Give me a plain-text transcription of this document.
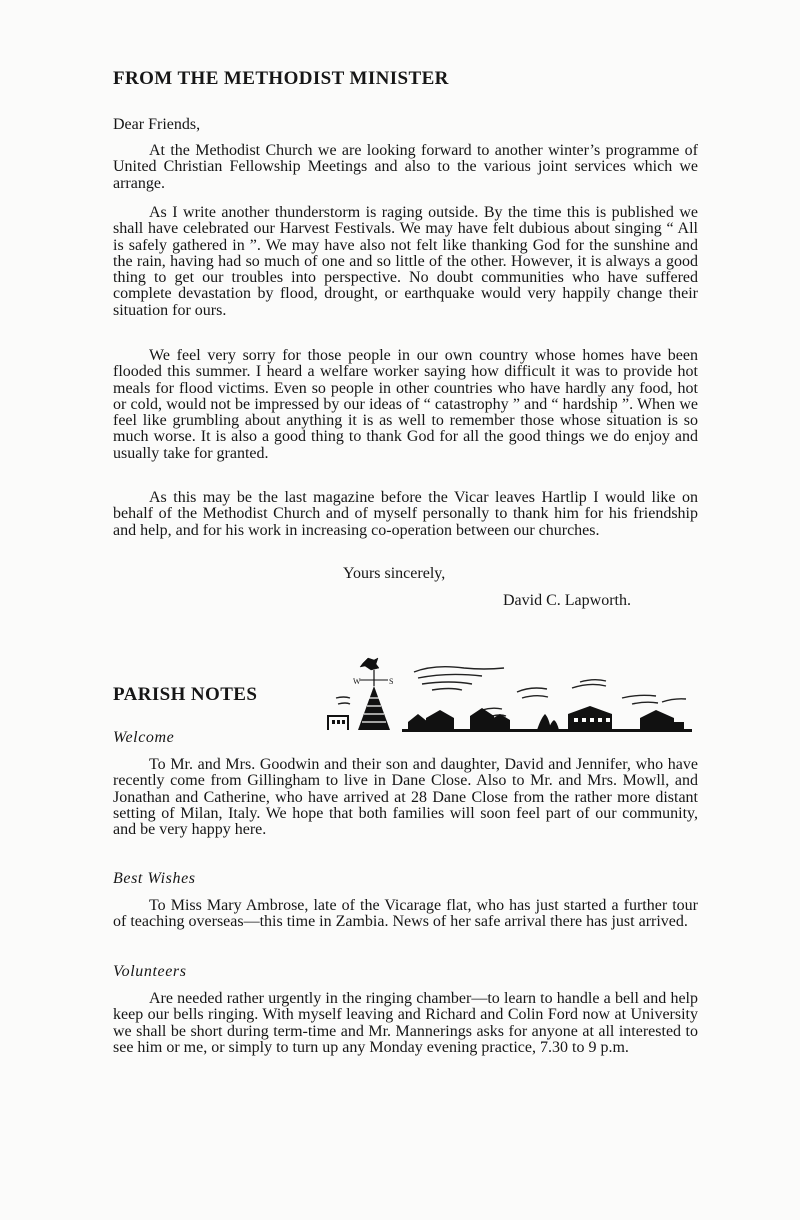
FROM THE METHODIST MINISTER

Dear Friends,

At the Methodist Church we are looking forward to another winter’s programme of United Christian Fellowship Meetings and also to the various joint services which we arrange.

As I write another thunderstorm is raging outside. By the time this is published we shall have celebrated our Harvest Festivals. We may have felt dubious about singing “ All is safely gathered in ”. We may have also not felt like thanking God for the sunshine and the rain, having had so much of one and so little of the other. However, it is always a good thing to get our troubles into perspective. No doubt communities who have suffered complete devastation by flood, drought, or earthquake would very happily change their situation for ours.

We feel very sorry for those people in our own country whose homes have been flooded this summer. I heard a welfare worker saying how difficult it was to provide hot meals for flood victims. Even so people in other countries who have hardly any food, hot or cold, would not be impressed by our ideas of “ catastrophy ” and “ hardship ”. When we feel like grumbling about anything it is as well to remember those whose situation is so much worse. It is also a good thing to thank God for all the good things we do enjoy and usually take for granted.

As this may be the last magazine before the Vicar leaves Hartlip I would like on behalf of the Methodist Church and of myself personally to thank him for his friendship and help, and for his work in increasing co-operation between our churches.

Yours sincerely,

David C. Lapworth.

PARISH NOTES
W	S

Welcome

To Mr. and Mrs. Goodwin and their son and daughter, David and Jennifer, who have recently come from Gillingham to live in Dane Close. Also to Mr. and Mrs. Mowll, and Jonathan and Catherine, who have arrived at 28 Dane Close from the rather more distant setting of Milan, Italy. We hope that both families will soon feel part of our community, and be very happy here.

Best Wishes

To Miss Mary Ambrose, late of the Vicarage flat, who has just started a further tour of teaching overseas—this time in Zambia. News of her safe arrival there has just arrived.

Volunteers

Are needed rather urgently in the ringing chamber—to learn to handle a bell and help keep our bells ringing. With myself leaving and Richard and Colin Ford now at University we shall be short during term-time and Mr. Mannerings asks for anyone at all interested to see him or me, or simply to turn up any Monday evening practice, 7.30 to 9 p.m.
